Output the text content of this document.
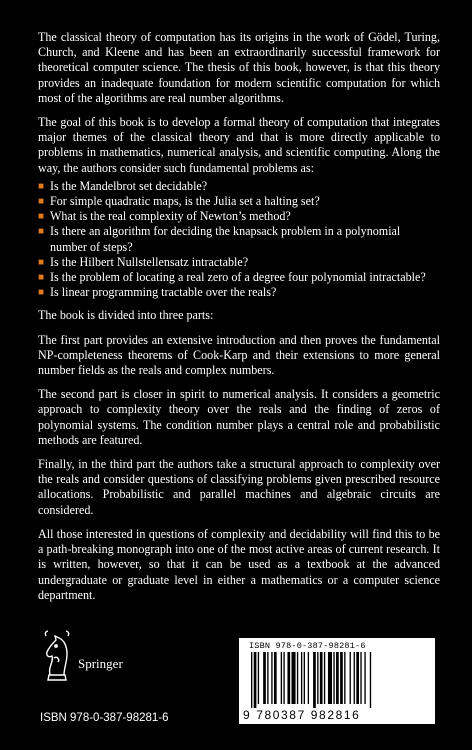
The classical theory of computation has its origins in the work of Gödel, Turing, Church, and Kleene and has been an extraordinarily successful framework for theoretical computer science. The thesis of this book, however, is that this theory provides an inadequate foundation for modern scientific computation for which most of the algorithms are real number algorithms.

The goal of this book is to develop a formal theory of computation that integrates major themes of the classical theory and that is more directly applicable to problems in mathematics, numerical analysis, and scientific computing. Along the way, the authors consider such fundamental problems as:

■ Is the Mandelbrot set decidable?
■ For simple quadratic maps, is the Julia set a halting set?
■ What is the real complexity of Newton’s method?
■ Is there an algorithm for deciding the knapsack problem in a polynomial number of steps?
■ Is the Hilbert Nullstellensatz intractable?
■ Is the problem of locating a real zero of a degree four polynomial intractable?
■ Is linear programming tractable over the reals?

The book is divided into three parts:

The first part provides an extensive introduction and then proves the fundamental NP-completeness theorems of Cook-Karp and their extensions to more general number fields as the reals and complex numbers.

The second part is closer in spirit to numerical analysis. It considers a geometric approach to complexity theory over the reals and the finding of zeros of polynomial systems. The condition number plays a central role and probabilistic methods are featured.

Finally, in the third part the authors take a structural approach to complexity over the reals and consider questions of classifying problems given prescribed resource allocations. Probabilistic and parallel machines and algebraic circuits are considered.

All those interested in questions of complexity and decidability will find this to be a path-breaking monograph into one of the most active areas of current research. It is written, however, so that it can be used as a textbook at the advanced undergraduate or graduate level in either a mathematics or a computer science department.

Springer
ISBN 978-0-387-98281-6
ISBN 978-0-387-98281-6
9 780387 982816
